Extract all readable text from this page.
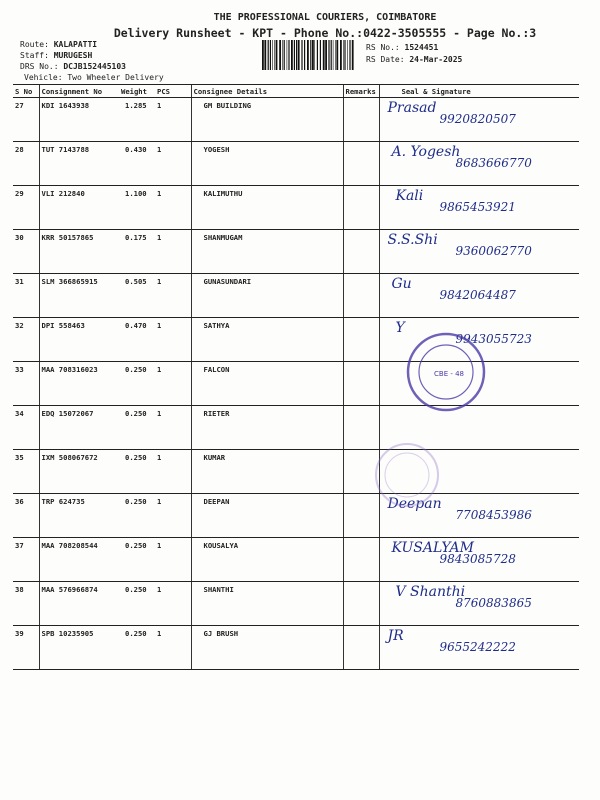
THE PROFESSIONAL COURIERS, COIMBATORE
Delivery Runsheet - KPT - Phone No.:0422-3505555 - Page No.:3
Route: KALAPATTI
Staff: MURUGESH
DRS No.: DCJB152445103
Vehicle: Two Wheeler Delivery
RS No.: 1524451
RS Date: 24-Mar-2025
S No	Consignment No	Weight	PCS	Consignee Details	Remarks	Seal & Signature
27	KDI 1643938	1.285	1	GM BUILDING		Prasad
9920820507

28	TUT 7143788	0.430	1	YOGESH		A. Yogesh
8683666770

29	VLI 212840	1.100	1	KALIMUTHU		Kali
9865453921

30	KRR 50157865	0.175	1	SHANMUGAM		S.S.Shi
9360062770

31	SLM 366865915	0.505	1	GUNASUNDARI		Gu
9842064487

32	DPI 558463	0.470	1	SATHYA		Y
9943055723

33	MAA 708316023	0.250	1	FALCON		

34	EDQ 15072067	0.250	1	RIETER		

35	IXM 508067672	0.250	1	KUMAR		

36	TRP 624735	0.250	1	DEEPAN		Deepan
7708453986

37	MAA 708208544	0.250	1	KOUSALYA		KUSALYAM
9843085728

38	MAA 576966874	0.250	1	SHANTHI		V Shanthi
8760883865

39	SPB 10235905	0.250	1	GJ BRUSH		JR
9655242222
CBE - 48
